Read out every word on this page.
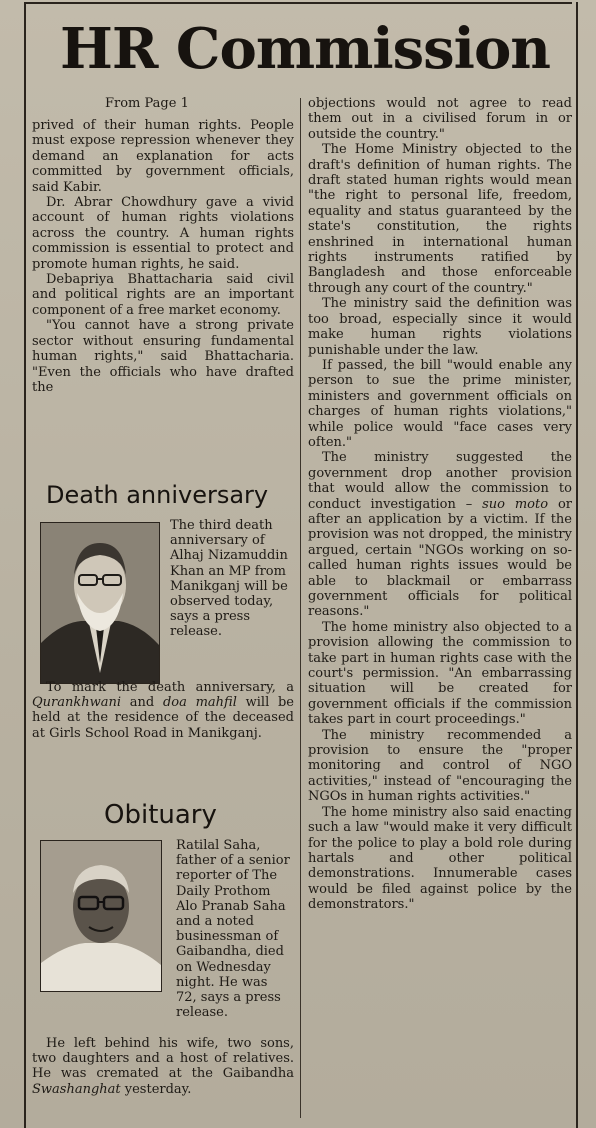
HR Commission
From Page 1

prived of their human rights. People must expose repression whenever they demand an explanation for acts committed by government officials, said Kabir.

Dr. Abrar Chowdhury gave a vivid account of human rights violations across the country. A human rights commission is essential to protect and promote human rights, he said.

Debapriya Bhattacharia said civil and political rights are an important component of a free market economy.

"You cannot have a strong private sector without ensuring fundamental human rights," said Bhattacharia. "Even the officials who have drafted the

Death anniversary

The third death anniversary of Alhaj Nizamuddin Khan an MP from Manikganj will be observed today, says a press release.

To mark the death anniversary, a Qurankhwani and doa mahfil will be held at the residence of the deceased at Girls School Road in Manikganj.

Obituary

Ratilal Saha, father of a senior reporter of The Daily Prothom Alo Pranab Saha and a noted businessman of Gaibandha, died on Wednesday night. He was 72, says a press release.

He left behind his wife, two sons, two daughters and a host of relatives. He was cremated at the Gaibandha Swashanghat yesterday.

objections would not agree to read them out in a civilised forum in or outside the country."

The Home Ministry objected to the draft's definition of human rights. The draft stated human rights would mean "the right to personal life, freedom, equality and status guaranteed by the state's constitution, the rights enshrined in international human rights instruments ratified by Bangladesh and those enforceable through any court of the country."

The ministry said the definition was too broad, especially since it would make human rights violations punishable under the law.

If passed, the bill "would enable any person to sue the prime minister, ministers and government officials on charges of human rights violations," while police would "face cases very often."

The ministry suggested the government drop another provision that would allow the commission to conduct investigation – suo moto or after an application by a victim. If the provision was not dropped, the ministry argued, certain "NGOs working on so-called human rights issues would be able to blackmail or embarrass government officials for political reasons."

The home ministry also objected to a provision allowing the commission to take part in human rights case with the court's permission. "An embarrassing situation will be created for government officials if the commission takes part in court proceedings."

The ministry recommended a provision to ensure the "proper monitoring and control of NGO activities," instead of "encouraging the NGOs in human rights activities."

The home ministry also said enacting such a law "would make it very difficult for the police to play a bold role during hartals and other political demonstrations. Innumerable cases would be filed against police by the demonstrators."
